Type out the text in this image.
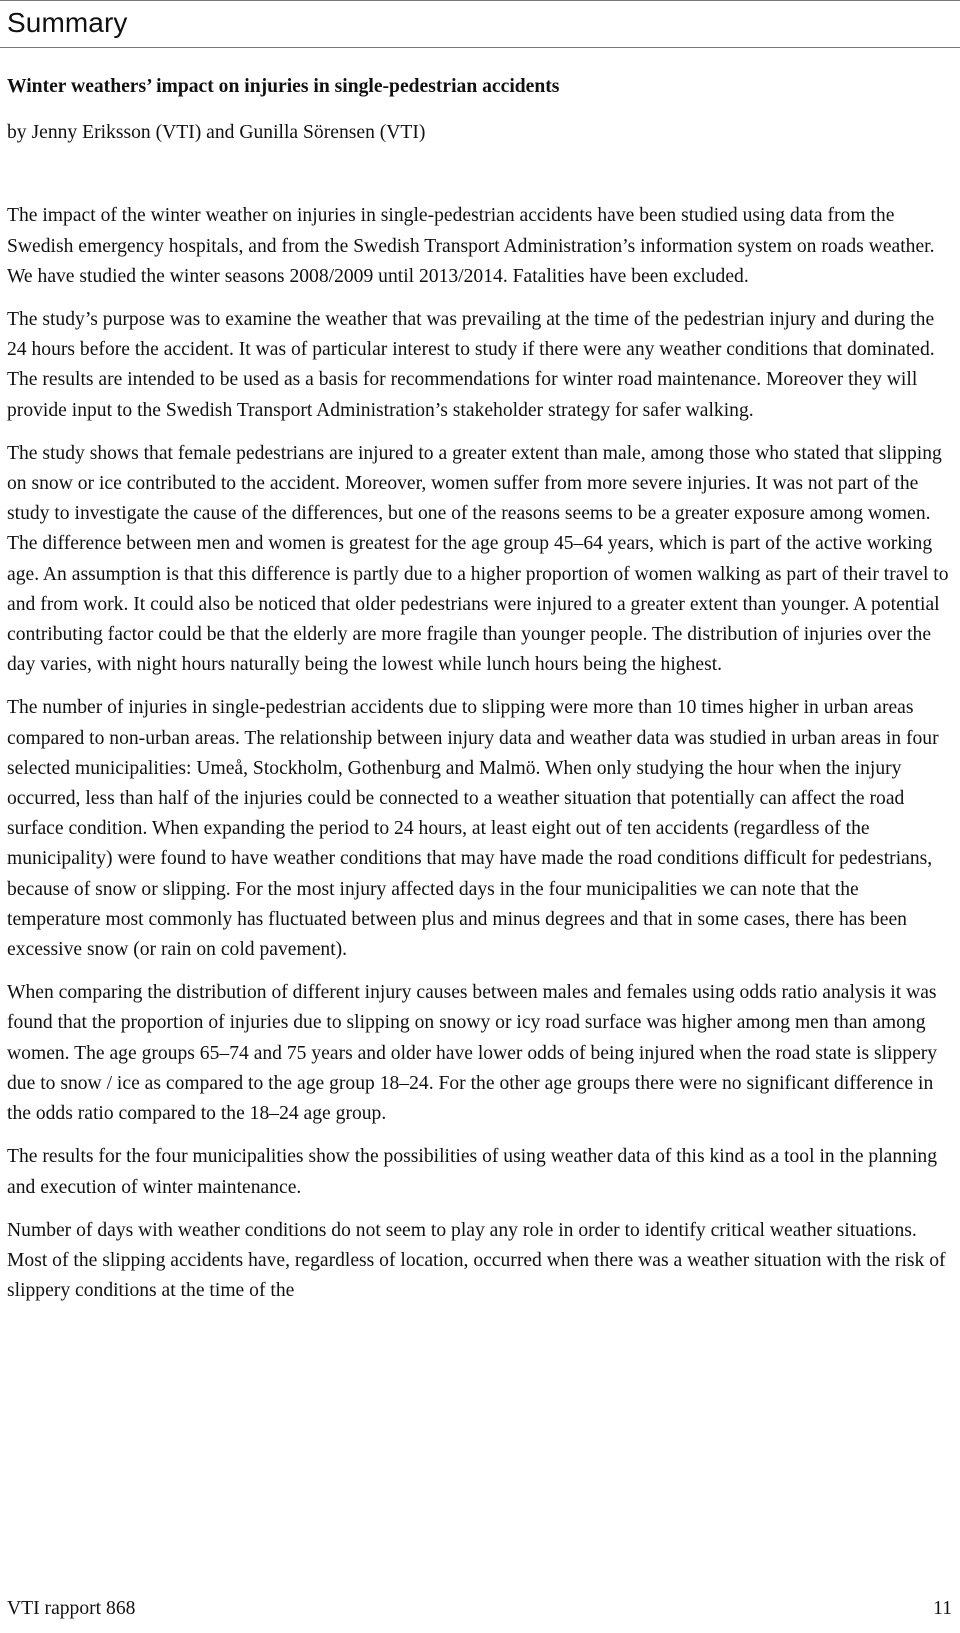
Summary
Winter weathers’ impact on injuries in single-pedestrian accidents
by Jenny Eriksson (VTI) and Gunilla Sörensen (VTI)

The impact of the winter weather on injuries in single-pedestrian accidents have been studied using data from the Swedish emergency hospitals, and from the Swedish Transport Administration’s information system on roads weather. We have studied the winter seasons 2008/2009 until 2013/2014. Fatalities have been excluded.

The study’s purpose was to examine the weather that was prevailing at the time of the pedestrian injury and during the 24 hours before the accident. It was of particular interest to study if there were any weather conditions that dominated. The results are intended to be used as a basis for recommendations for winter road maintenance. Moreover they will provide input to the Swedish Transport Administration’s stakeholder strategy for safer walking.

The study shows that female pedestrians are injured to a greater extent than male, among those who stated that slipping on snow or ice contributed to the accident. Moreover, women suffer from more severe injuries. It was not part of the study to investigate the cause of the differences, but one of the reasons seems to be a greater exposure among women. The difference between men and women is greatest for the age group 45–64 years, which is part of the active working age. An assumption is that this difference is partly due to a higher proportion of women walking as part of their travel to and from work. It could also be noticed that older pedestrians were injured to a greater extent than younger. A potential contributing factor could be that the elderly are more fragile than younger people. The distribution of injuries over the day varies, with night hours naturally being the lowest while lunch hours being the highest.

The number of injuries in single-pedestrian accidents due to slipping were more than 10 times higher in urban areas compared to non-urban areas. The relationship between injury data and weather data was studied in urban areas in four selected municipalities: Umeå, Stockholm, Gothenburg and Malmö. When only studying the hour when the injury occurred, less than half of the injuries could be connected to a weather situation that potentially can affect the road surface condition. When expanding the period to 24 hours, at least eight out of ten accidents (regardless of the municipality) were found to have weather conditions that may have made the road conditions difficult for pedestrians, because of snow or slipping. For the most injury affected days in the four municipalities we can note that the temperature most commonly has fluctuated between plus and minus degrees and that in some cases, there has been excessive snow (or rain on cold pavement).

When comparing the distribution of different injury causes between males and females using odds ratio analysis it was found that the proportion of injuries due to slipping on snowy or icy road surface was higher among men than among women. The age groups 65–74 and 75 years and older have lower odds of being injured when the road state is slippery due to snow / ice as compared to the age group 18–24. For the other age groups there were no significant difference in the odds ratio compared to the 18–24 age group.

The results for the four municipalities show the possibilities of using weather data of this kind as a tool in the planning and execution of winter maintenance.

Number of days with weather conditions do not seem to play any role in order to identify critical weather situations. Most of the slipping accidents have, regardless of location, occurred when there was a weather situation with the risk of slippery conditions at the time of the

VTI rapport 868	11
